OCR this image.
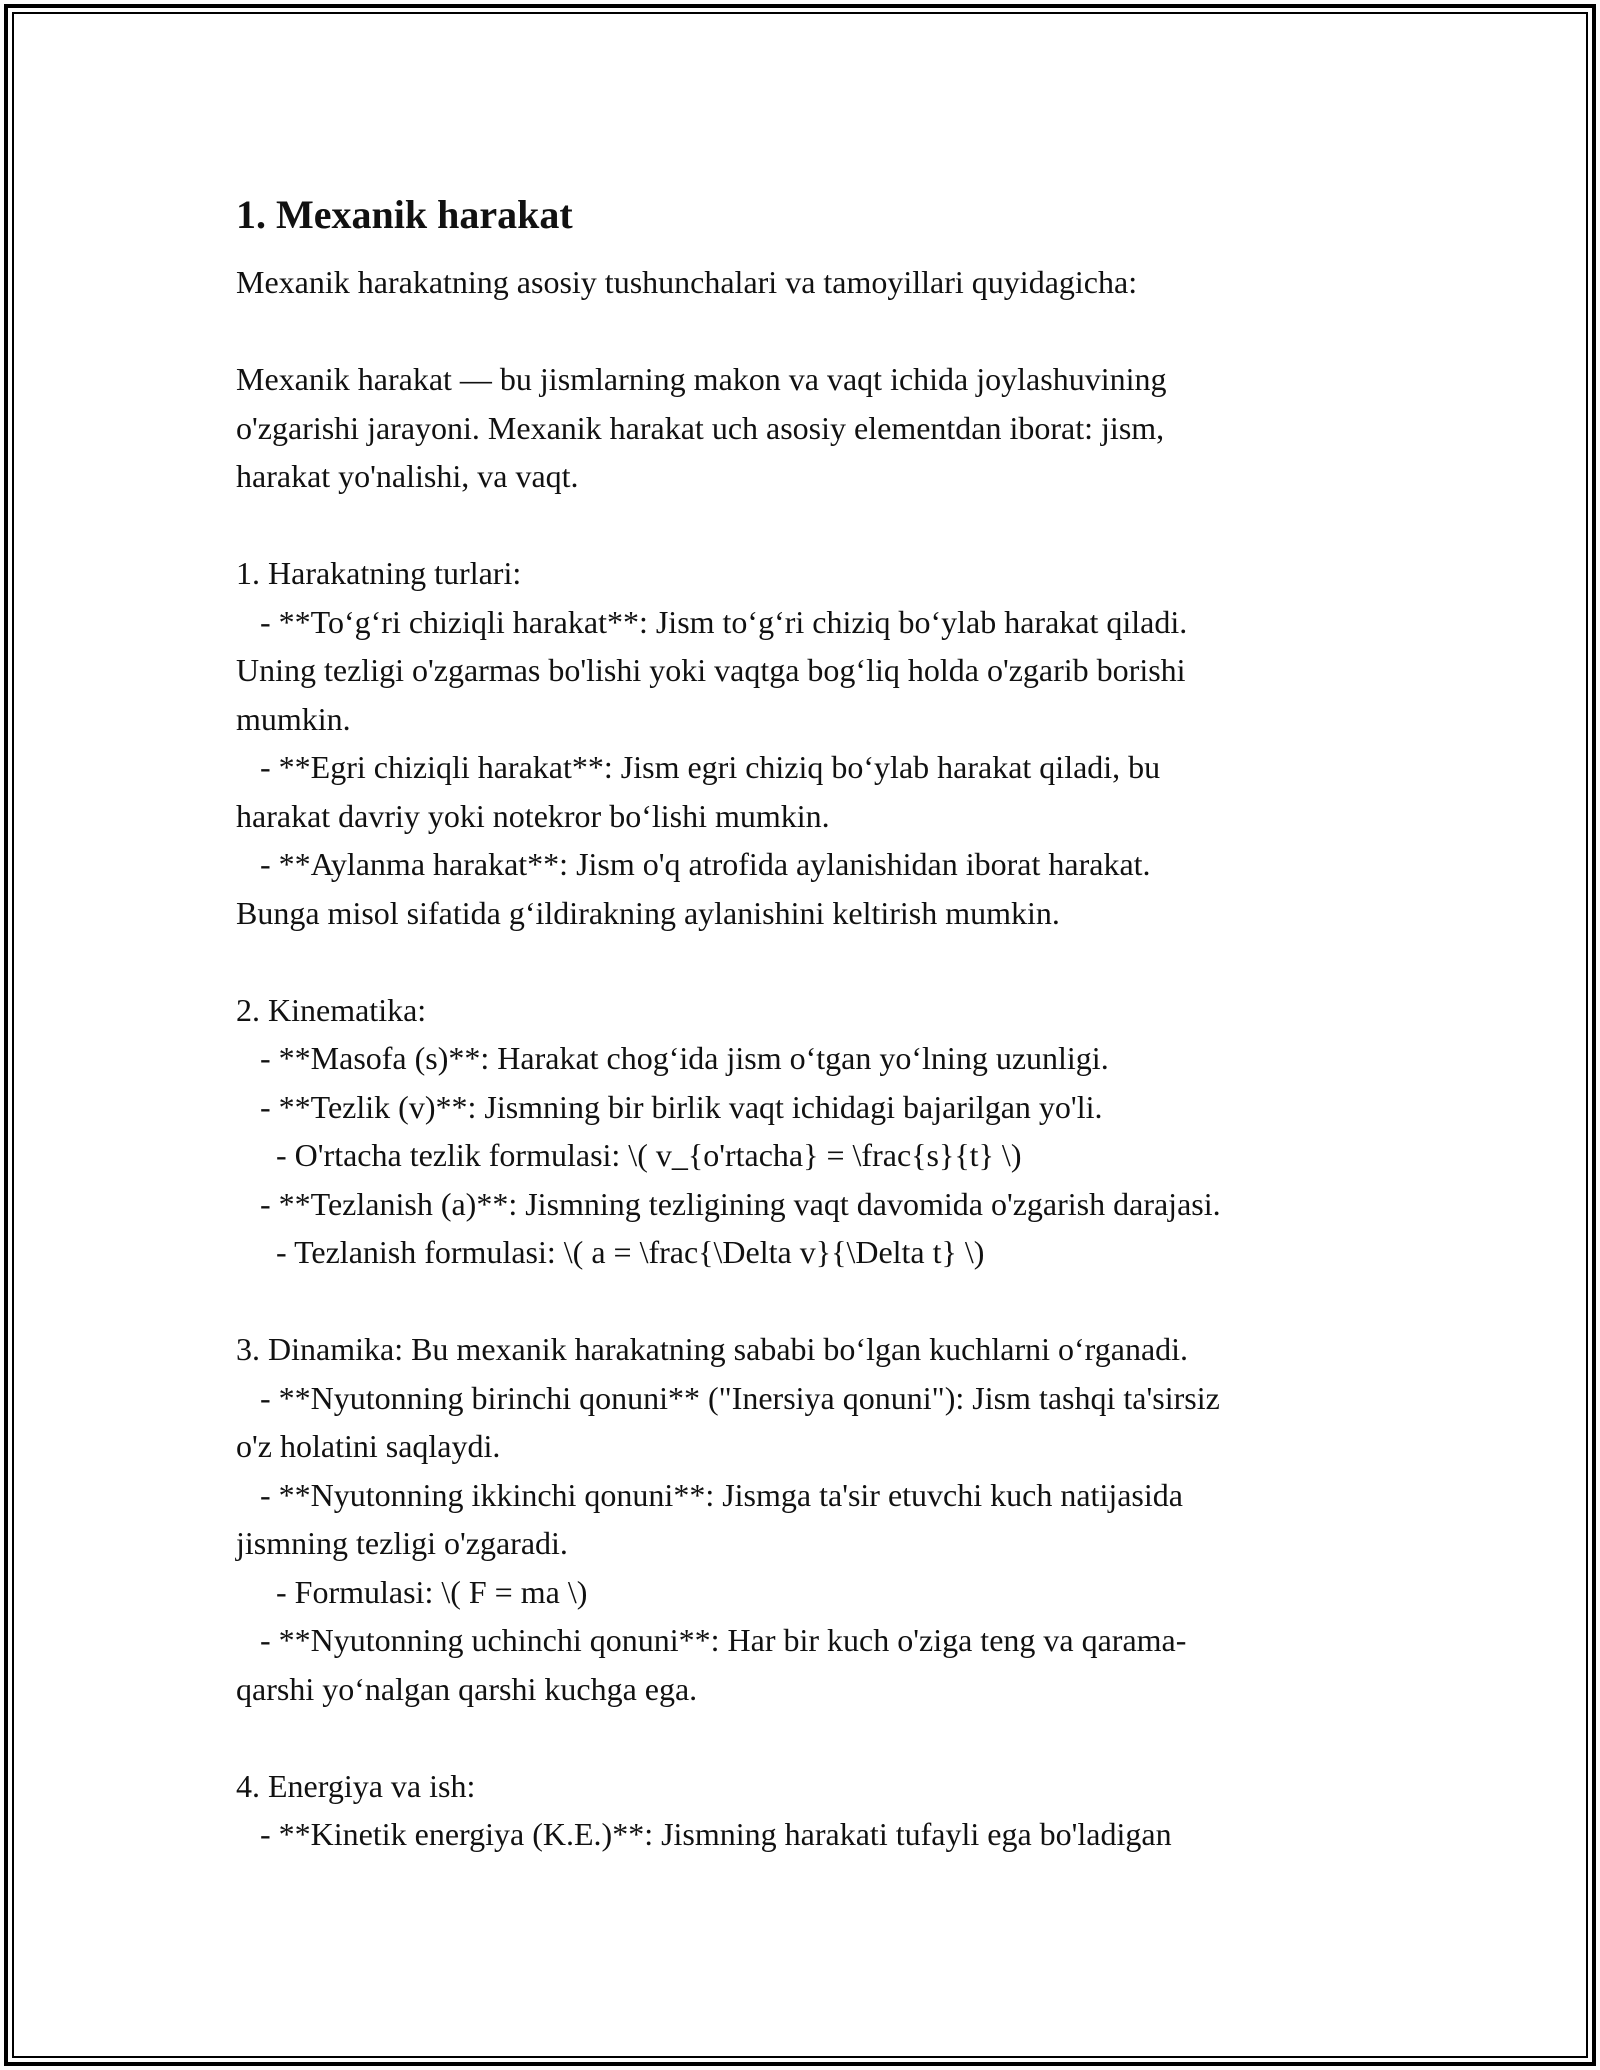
1. Mexanik harakat

Mexanik harakatning asosiy tushunchalari va tamoyillari quyidagicha:

Mexanik harakat — bu jismlarning makon va vaqt ichida joylashuvining
o'zgarishi jarayoni. Mexanik harakat uch asosiy elementdan iborat: jism,
harakat yo'nalishi, va vaqt.

1. Harakatning turlari:
- **To‘g‘ri chiziqli harakat**: Jism to‘g‘ri chiziq bo‘ylab harakat qiladi.
Uning tezligi o'zgarmas bo'lishi yoki vaqtga bog‘liq holda o'zgarib borishi
mumkin.
- **Egri chiziqli harakat**: Jism egri chiziq bo‘ylab harakat qiladi, bu
harakat davriy yoki notekror bo‘lishi mumkin.
- **Aylanma harakat**: Jism o'q atrofida aylanishidan iborat harakat.
Bunga misol sifatida g‘ildirakning aylanishini keltirish mumkin.

2. Kinematika:
- **Masofa (s)**: Harakat chog‘ida jism o‘tgan yo‘lning uzunligi.
- **Tezlik (v)**: Jismning bir birlik vaqt ichidagi bajarilgan yo'li.
- O'rtacha tezlik formulasi: \( v_{o'rtacha} = \frac{s}{t} \)
- **Tezlanish (a)**: Jismning tezligining vaqt davomida o'zgarish darajasi.
- Tezlanish formulasi: \( a = \frac{\Delta v}{\Delta t} \)

3. Dinamika: Bu mexanik harakatning sababi bo‘lgan kuchlarni o‘rganadi.
- **Nyutonning birinchi qonuni** ("Inersiya qonuni"): Jism tashqi ta'sirsiz
o'z holatini saqlaydi.
- **Nyutonning ikkinchi qonuni**: Jismga ta'sir etuvchi kuch natijasida
jismning tezligi o'zgaradi.
- Formulasi: \( F = ma \)
- **Nyutonning uchinchi qonuni**: Har bir kuch o'ziga teng va qarama-
qarshi yo‘nalgan qarshi kuchga ega.

4. Energiya va ish:
- **Kinetik energiya (K.E.)**: Jismning harakati tufayli ega bo'ladigan
